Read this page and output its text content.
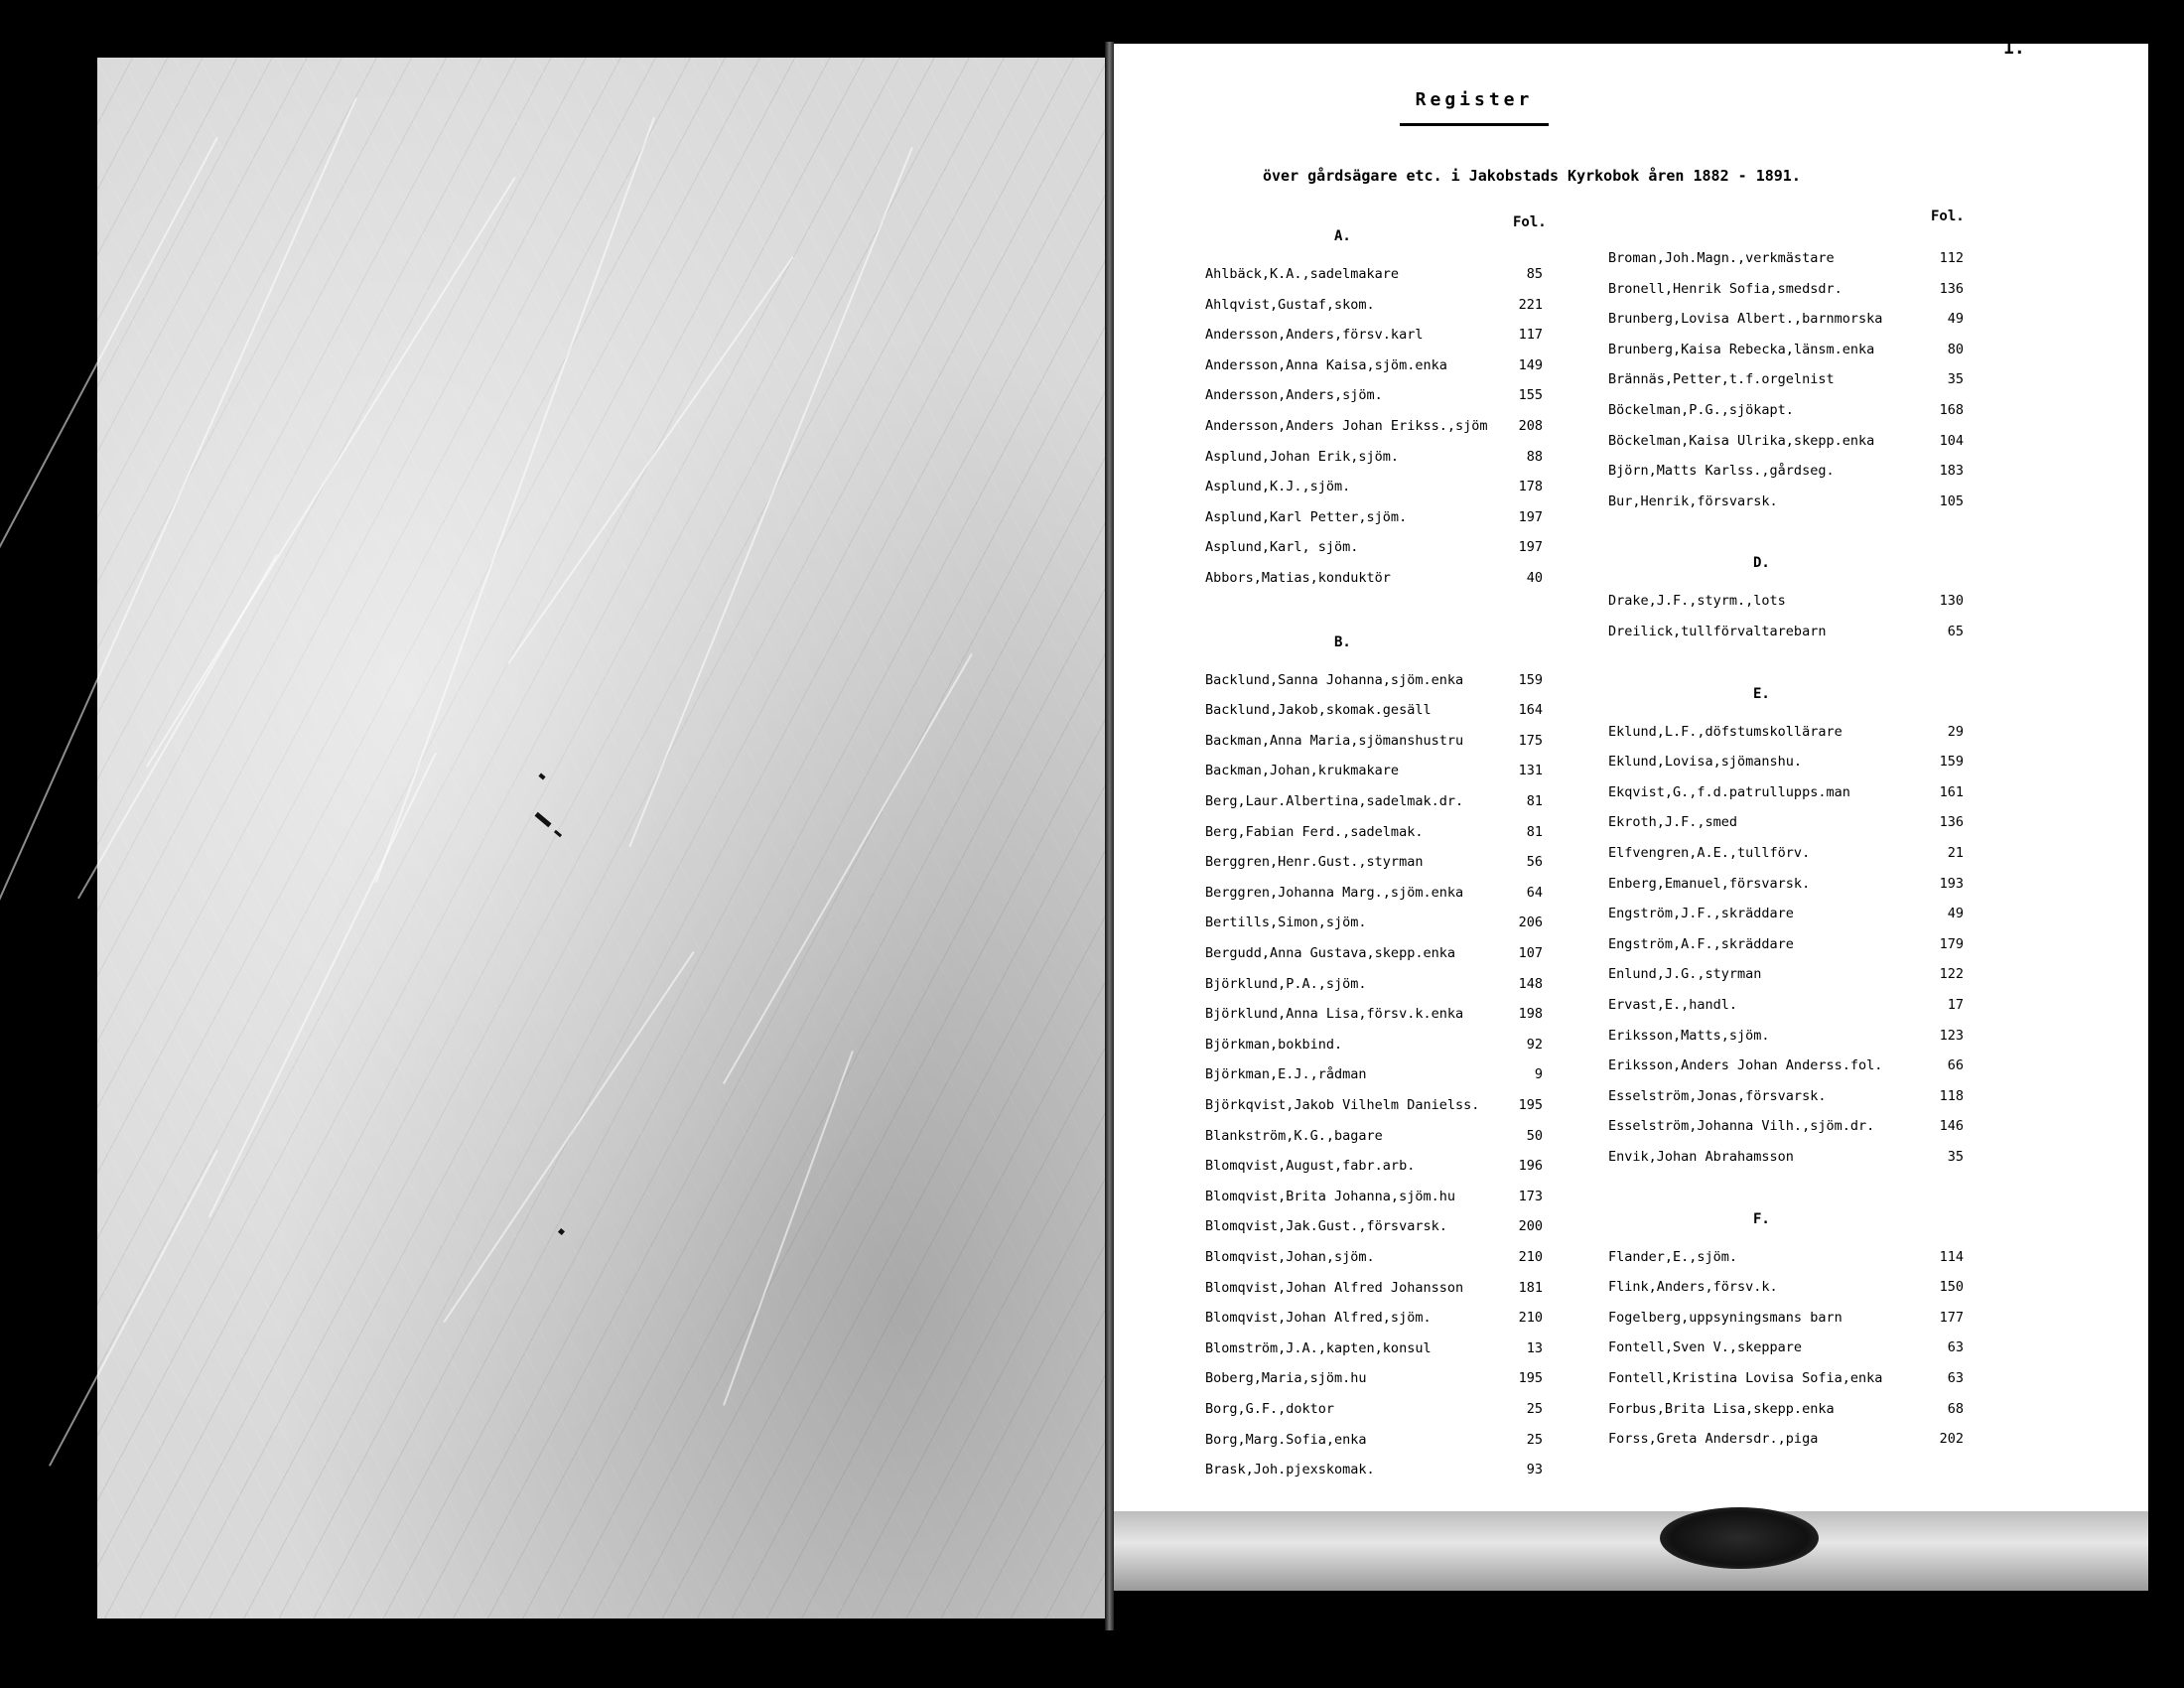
1.
Register
över gårdsägare etc. i Jakobstads Kyrkobok åren 1882 - 1891.
Fol.
A.
Ahlbäck,K.A.,sadelmakare	85
Ahlqvist,Gustaf,skom.	221
Andersson,Anders,försv.karl	117
Andersson,Anna Kaisa,sjöm.enka	149
Andersson,Anders,sjöm.	155
Andersson,Anders Johan Erikss.,sjöm	208
Asplund,Johan Erik,sjöm.	88
Asplund,K.J.,sjöm.	178
Asplund,Karl Petter,sjöm.	197
Asplund,Karl, sjöm.	197
Abbors,Matias,konduktör	40
B.
Backlund,Sanna Johanna,sjöm.enka	159
Backlund,Jakob,skomak.gesäll	164
Backman,Anna Maria,sjömanshustru	175
Backman,Johan,krukmakare	131
Berg,Laur.Albertina,sadelmak.dr.	81
Berg,Fabian Ferd.,sadelmak.	81
Berggren,Henr.Gust.,styrman	56
Berggren,Johanna Marg.,sjöm.enka	64
Bertills,Simon,sjöm.	206
Bergudd,Anna Gustava,skepp.enka	107
Björklund,P.A.,sjöm.	148
Björklund,Anna Lisa,försv.k.enka	198
Björkman,bokbind.	92
Björkman,E.J.,rådman	9
Björkqvist,Jakob Vilhelm Danielss.	195
Blankström,K.G.,bagare	50
Blomqvist,August,fabr.arb.	196
Blomqvist,Brita Johanna,sjöm.hu	173
Blomqvist,Jak.Gust.,försvarsk.	200
Blomqvist,Johan,sjöm.	210
Blomqvist,Johan Alfred Johansson	181
Blomqvist,Johan Alfred,sjöm.	210
Blomström,J.A.,kapten,konsul	13
Boberg,Maria,sjöm.hu	195
Borg,G.F.,doktor	25
Borg,Marg.Sofia,enka	25
Brask,Joh.pjexskomak.	93
Fol.
Broman,Joh.Magn.,verkmästare	112
Bronell,Henrik Sofia,smedsdr.	136
Brunberg,Lovisa Albert.,barnmorska	49
Brunberg,Kaisa Rebecka,länsm.enka	80
Brännäs,Petter,t.f.orgelnist	35
Böckelman,P.G.,sjökapt.	168
Böckelman,Kaisa Ulrika,skepp.enka	104
Björn,Matts Karlss.,gårdseg.	183
Bur,Henrik,försvarsk.	105
D.
Drake,J.F.,styrm.,lots	130
Dreilick,tullförvaltarebarn	65
E.
Eklund,L.F.,döfstumskollärare	29
Eklund,Lovisa,sjömanshu.	159
Ekqvist,G.,f.d.patrullupps.man	161
Ekroth,J.F.,smed	136
Elfvengren,A.E.,tullförv.	21
Enberg,Emanuel,försvarsk.	193
Engström,J.F.,skräddare	49
Engström,A.F.,skräddare	179
Enlund,J.G.,styrman	122
Ervast,E.,handl.	17
Eriksson,Matts,sjöm.	123
Eriksson,Anders Johan Anderss.fol.	66
Esselström,Jonas,försvarsk.	118
Esselström,Johanna Vilh.,sjöm.dr.	146
Envik,Johan Abrahamsson	35
F.
Flander,E.,sjöm.	114
Flink,Anders,försv.k.	150
Fogelberg,uppsyningsmans barn	177
Fontell,Sven V.,skeppare	63
Fontell,Kristina Lovisa Sofia,enka	63
Forbus,Brita Lisa,skepp.enka	68
Forss,Greta Andersdr.,piga	202
